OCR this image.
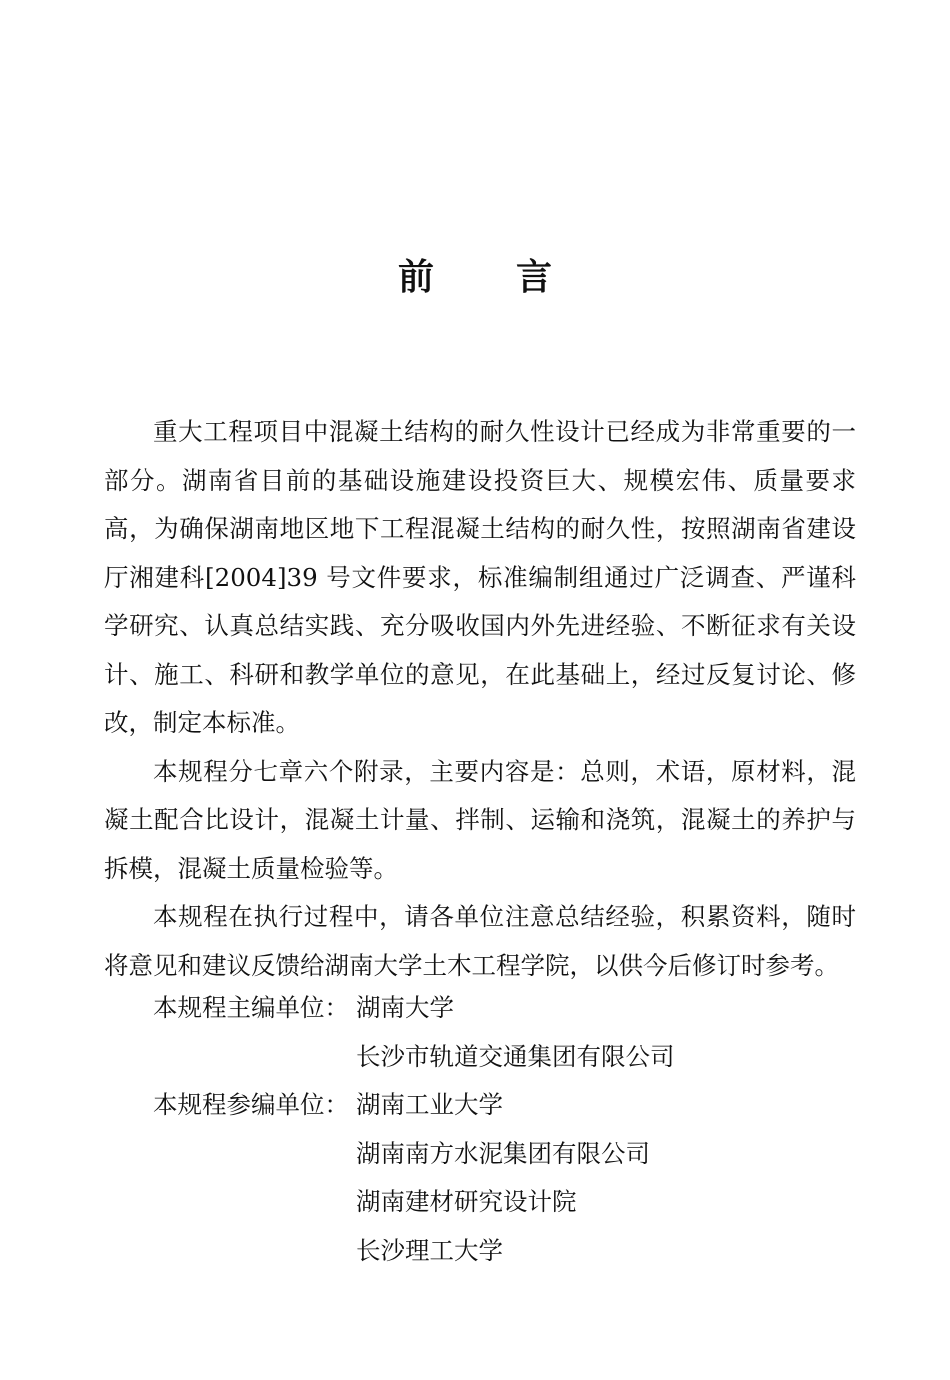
前 言

重大工程项目中混凝土结构的耐久性设计已经成为非常重要的一部分。湖南省目前的基础设施建设投资巨大、规模宏伟、质量要求高，为确保湖南地区地下工程混凝土结构的耐久性，按照湖南省建设厅湘建科[2004]39 号文件要求，标准编制组通过广泛调查、严谨科学研究、认真总结实践、充分吸收国内外先进经验、不断征求有关设计、施工、科研和教学单位的意见，在此基础上，经过反复讨论、修改，制定本标准。

本规程分七章六个附录，主要内容是：总则，术语，原材料，混凝土配合比设计，混凝土计量、拌制、运输和浇筑，混凝土的养护与拆模，混凝土质量检验等。

本规程在执行过程中，请各单位注意总结经验，积累资料，随时将意见和建议反馈给湖南大学土木工程学院，以供今后修订时参考。

本规程主编单位： 湖南大学
长沙市轨道交通集团有限公司
本规程参编单位： 湖南工业大学
湖南南方水泥集团有限公司
湖南建材研究设计院
长沙理工大学
